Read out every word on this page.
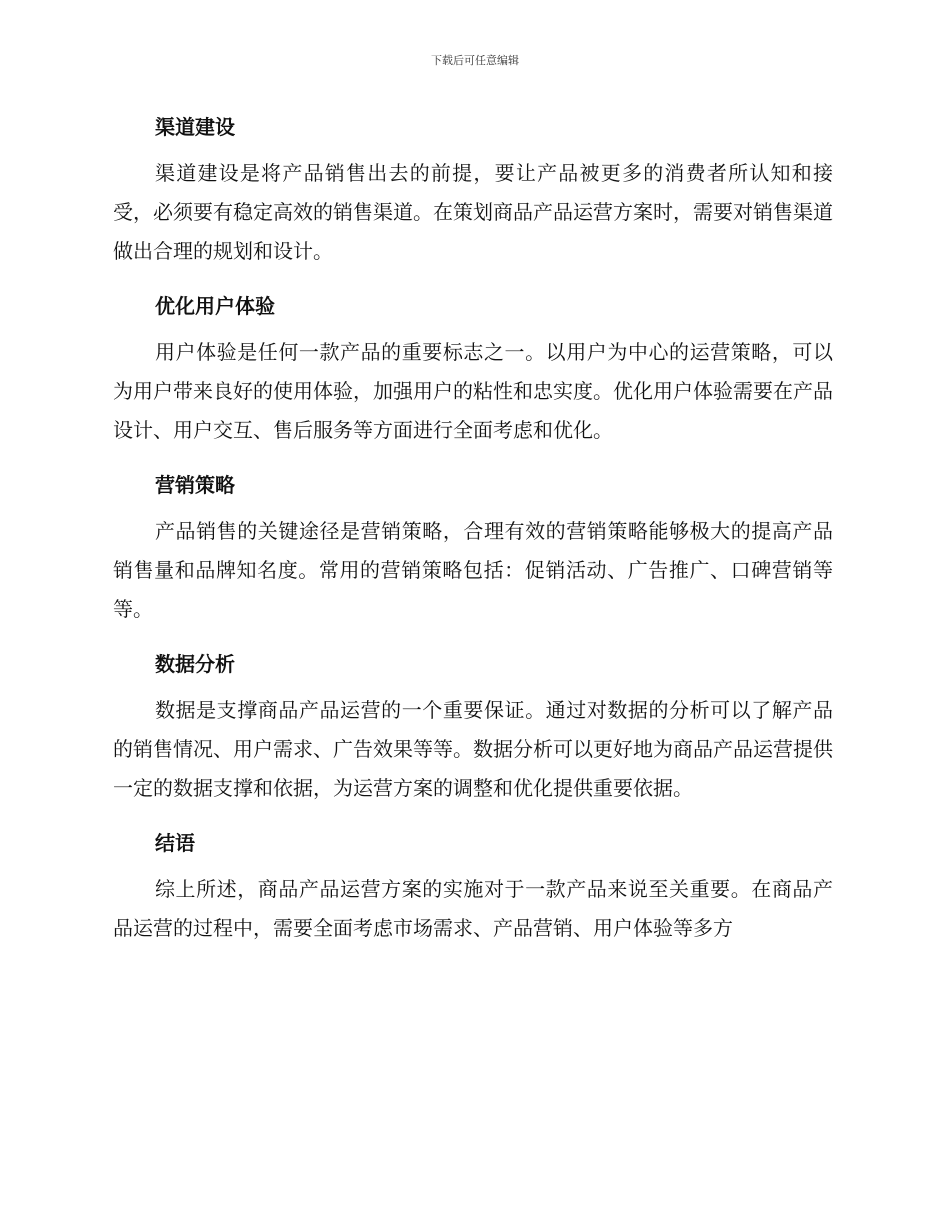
下载后可任意编辑
渠道建设

渠道建设是将产品销售出去的前提，要让产品被更多的消费者所认知和接受，必须要有稳定高效的销售渠道。在策划商品产品运营方案时，需要对销售渠道做出合理的规划和设计。

优化用户体验

用户体验是任何一款产品的重要标志之一。以用户为中心的运营策略，可以为用户带来良好的使用体验，加强用户的粘性和忠实度。优化用户体验需要在产品设计、用户交互、售后服务等方面进行全面考虑和优化。

营销策略

产品销售的关键途径是营销策略，合理有效的营销策略能够极大的提高产品销售量和品牌知名度。常用的营销策略包括：促销活动、广告推广、口碑营销等等。

数据分析

数据是支撑商品产品运营的一个重要保证。通过对数据的分析可以了解产品的销售情况、用户需求、广告效果等等。数据分析可以更好地为商品产品运营提供一定的数据支撑和依据，为运营方案的调整和优化提供重要依据。

结语

综上所述，商品产品运营方案的实施对于一款产品来说至关重要。在商品产品运营的过程中，需要全面考虑市场需求、产品营销、用户体验等多方
